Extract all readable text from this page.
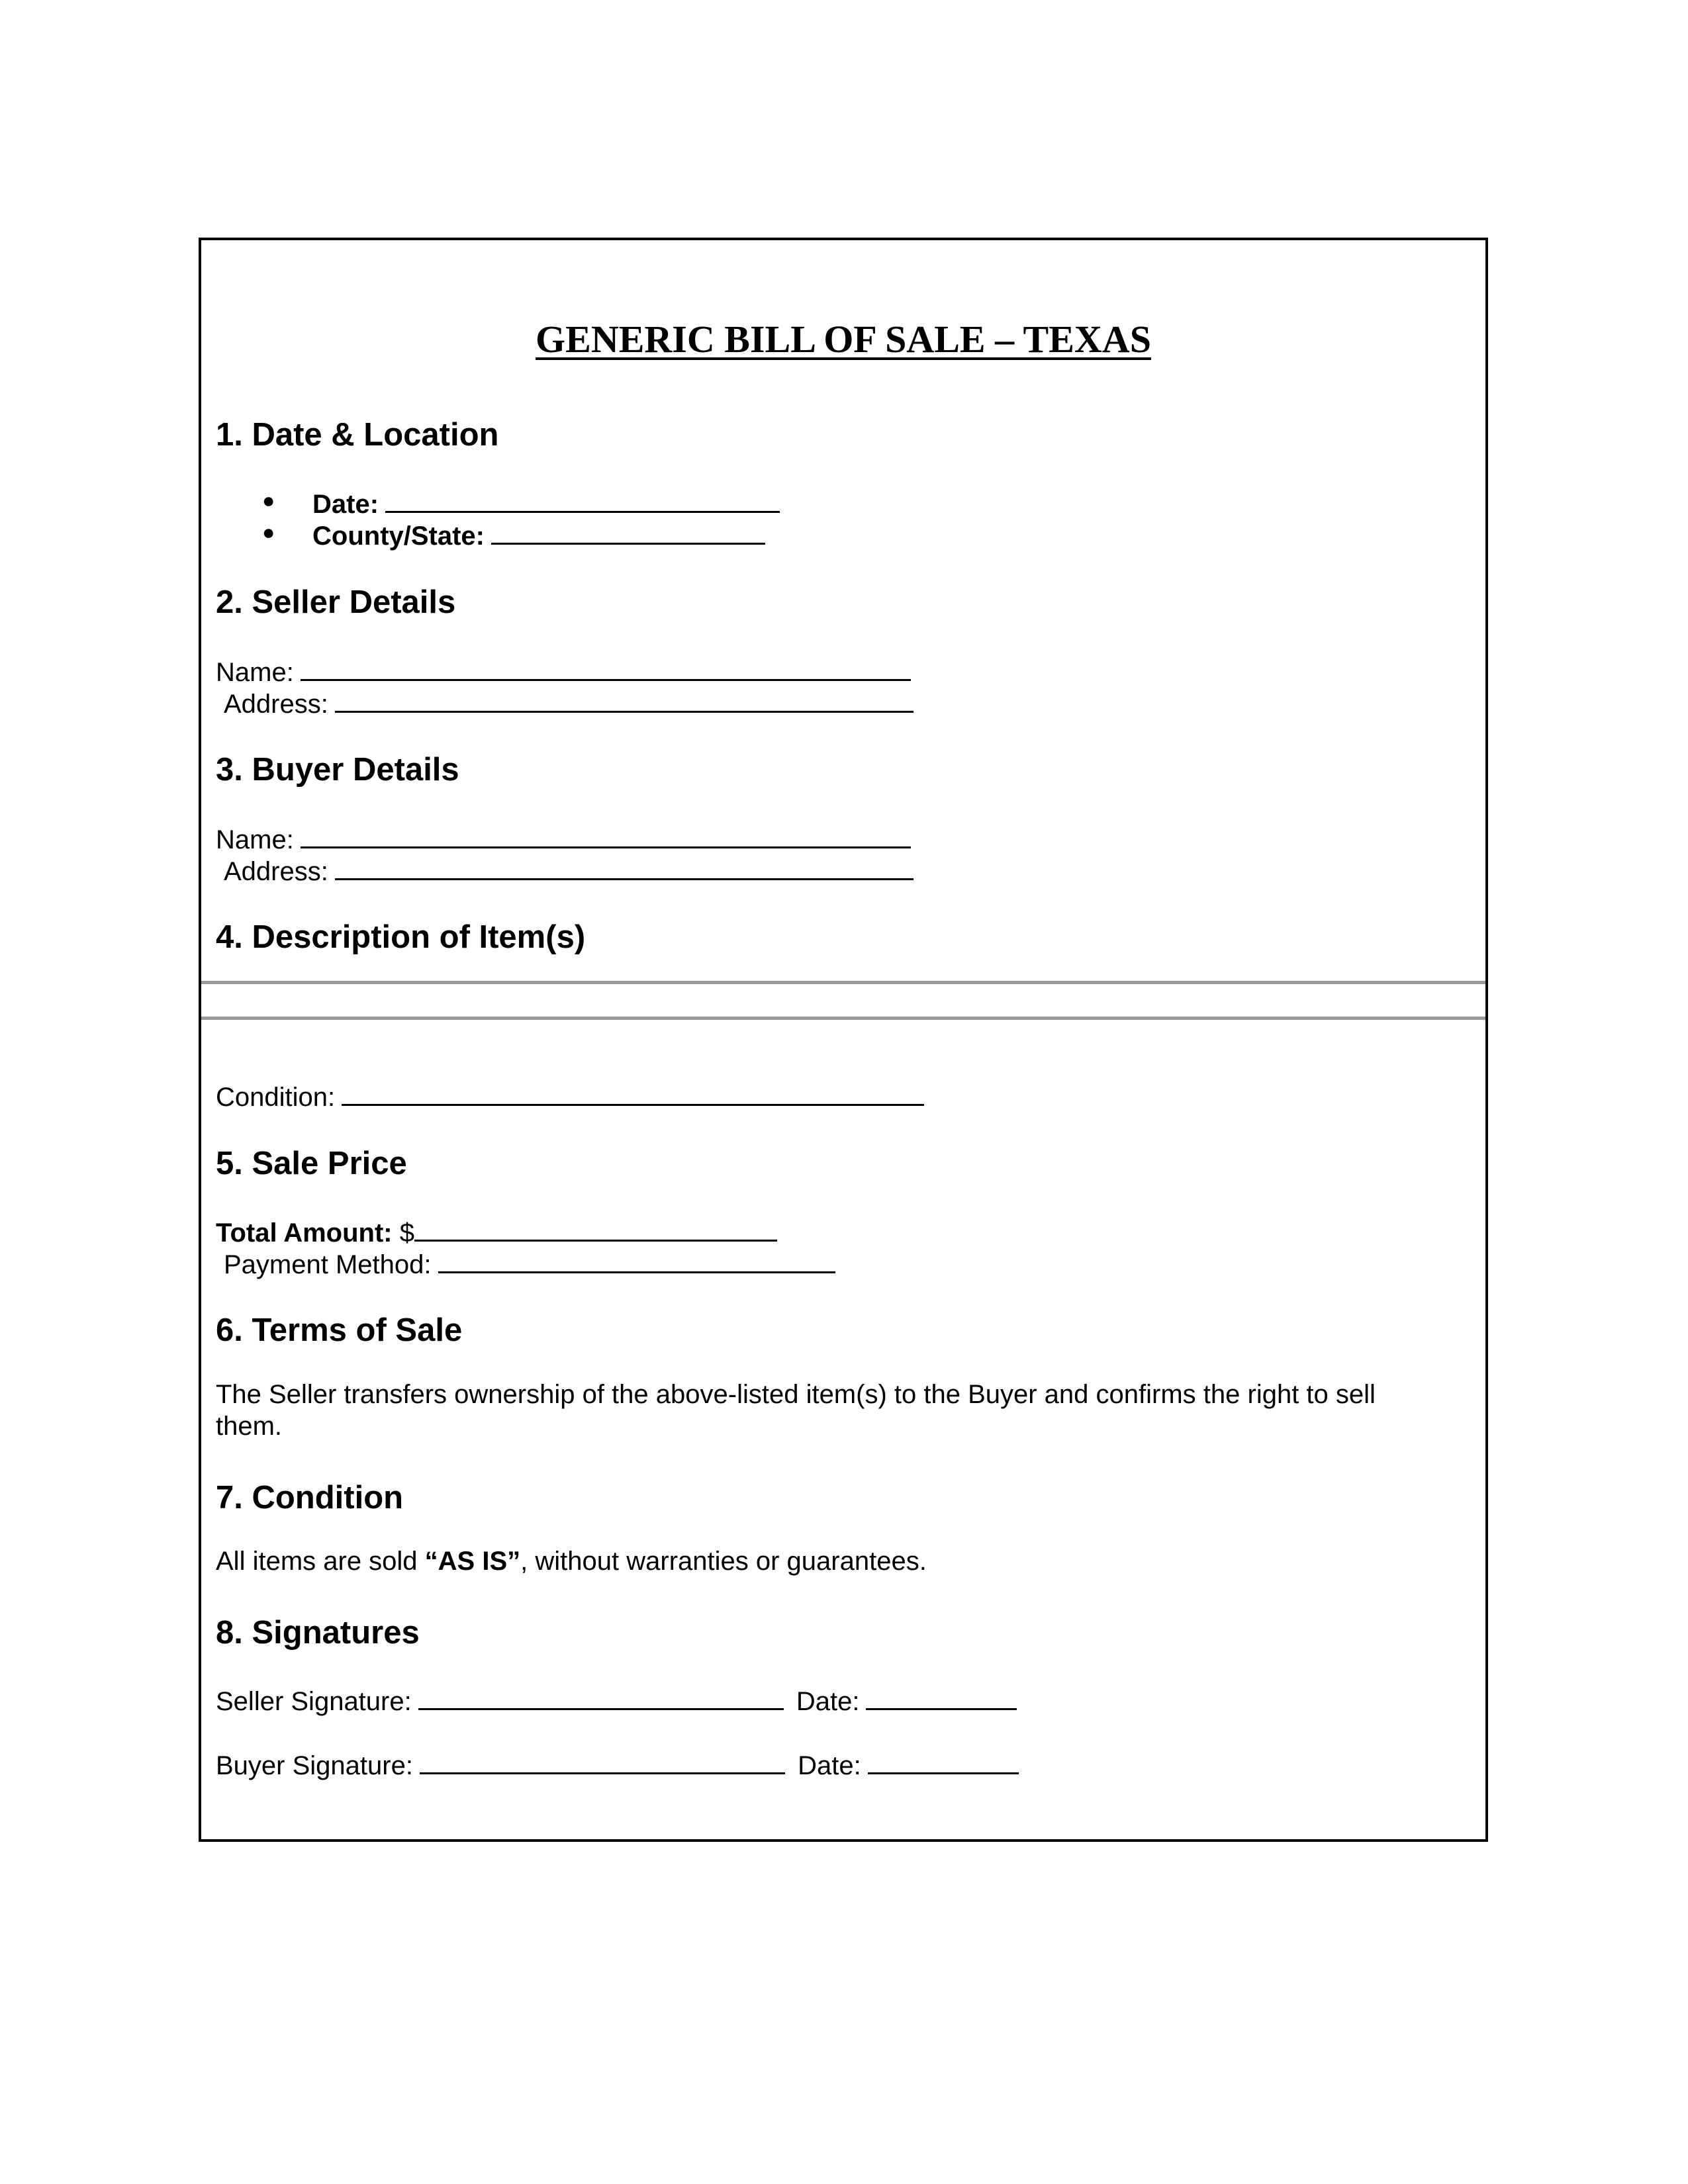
GENERIC BILL OF SALE – TEXAS
1. Date & Location
● Date:
● County/State:
2. Seller Details
Name:
Address:
3. Buyer Details
Name:
Address:
4. Description of Item(s)
Condition:
5. Sale Price
Total Amount: $
Payment Method:
6. Terms of Sale
The Seller transfers ownership of the above-listed item(s) to the Buyer and confirms the right to sell them.
7. Condition
All items are sold “AS IS”, without warranties or guarantees.
8. Signatures
Seller Signature:	Date:
Buyer Signature:	Date:
